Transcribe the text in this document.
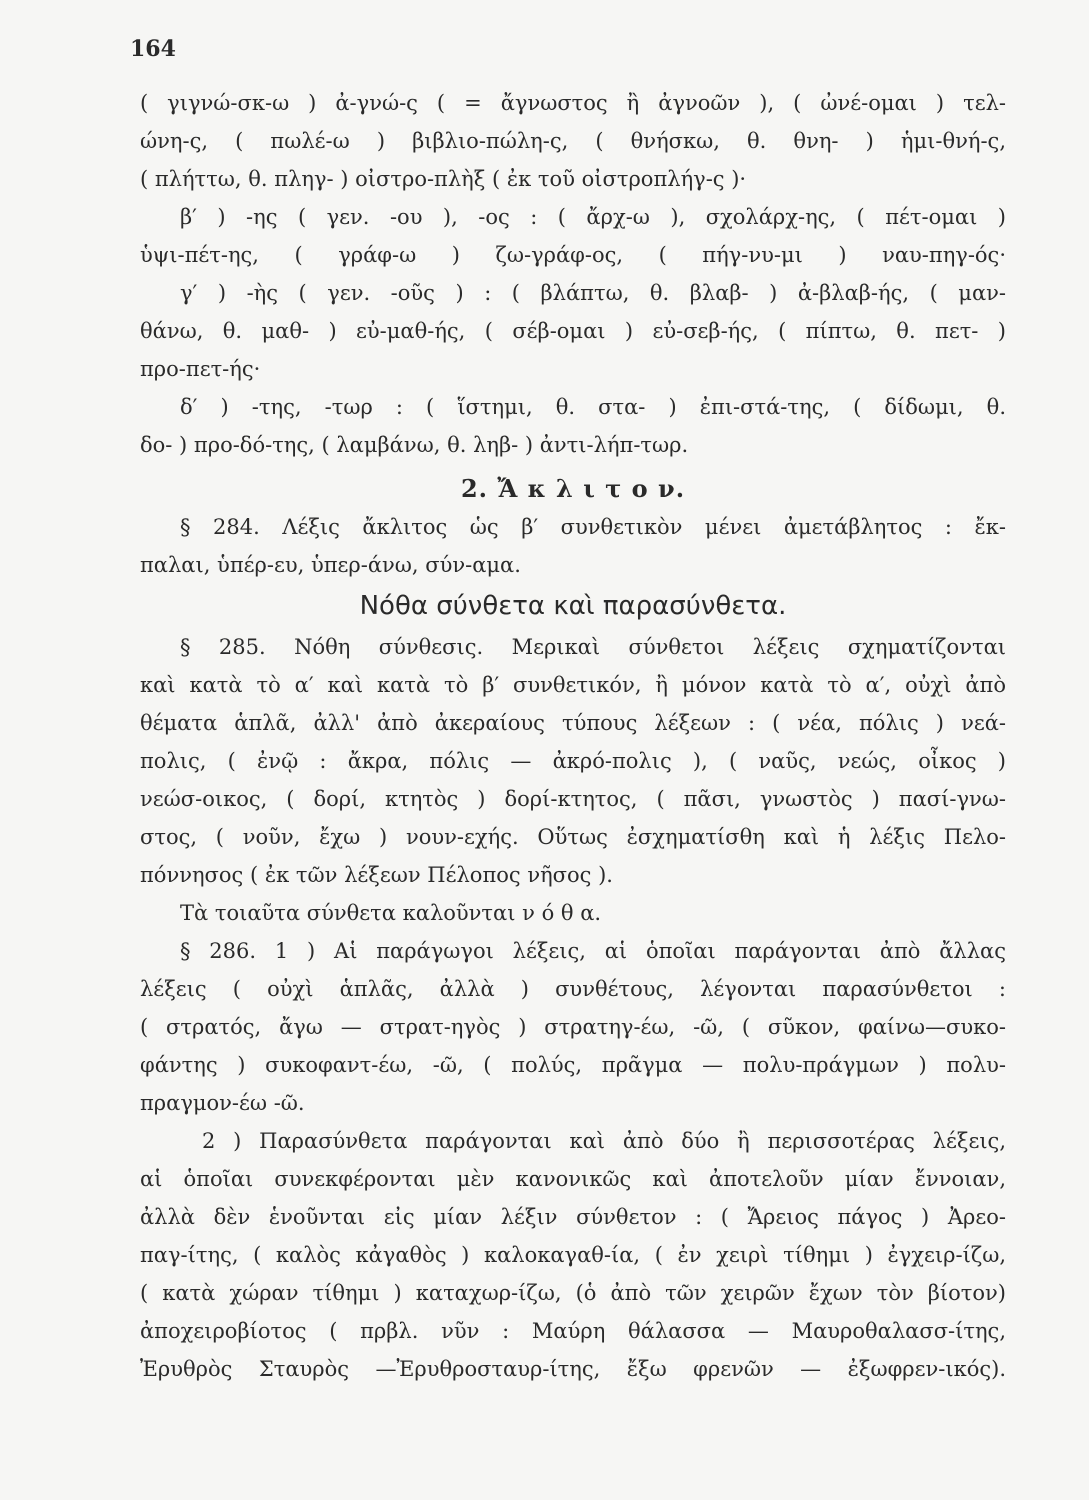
164
( γιγνώ-σκ-ω ) ἀ-γνώ-ς ( = ἄγνωστος ἢ ἀγνοῶν ), ( ὠνέ-ομαι ) τελ-
ώνη-ς, ( πωλέ-ω ) βιβλιο-πώλη-ς, ( θνήσκω, θ. θνη- ) ἡμι-θνή-ς,
( πλήττω, θ. πληγ- ) οἰστρο-πλὴξ ( ἐκ τοῦ οἰστροπλήγ-ς )·
β′ ) -ης ( γεν. -ου ), -ος : ( ἄρχ-ω ), σχολάρχ-ης, ( πέτ-ομαι )
ὑψι-πέτ-ης, ( γράφ-ω ) ζω-γράφ-ος, ( πήγ-νυ-μι ) ναυ-πηγ-ός·
γ′ ) -ὴς ( γεν. -οῦς ) : ( βλάπτω, θ. βλαβ- ) ἀ-βλαβ-ής, ( μαν-
θάνω, θ. μαθ- ) εὐ-μαθ-ής, ( σέβ-ομαι ) εὐ-σεβ-ής, ( πίπτω, θ. πετ- )
προ-πετ-ής·
δ′ ) -της, -τωρ : ( ἵστημι, θ. στα- ) ἐπι-στά-της, ( δίδωμι, θ.
δο- ) προ-δό-της, ( λαμβάνω, θ. ληβ- ) ἀντι-λήπ-τωρ.
2. Ἄ κ λ ι τ ο ν.
§ 284. Λέξις ἄκλιτος ὡς β′ συνθετικὸν μένει ἀμετάβλητος : ἔκ-
παλαι, ὑπέρ-ευ, ὑπερ-άνω, σύν-αμα.
Νόθα σύνθετα καὶ παρασύνθετα.
§ 285. Νόθη σύνθεσις. Μερικαὶ σύνθετοι λέξεις σχηματίζονται
καὶ κατὰ τὸ α′ καὶ κατὰ τὸ β′ συνθετικόν, ἢ μόνον κατὰ τὸ α′, οὐχὶ ἀπὸ
θέματα ἁπλᾶ, ἀλλ' ἀπὸ ἀκεραίους τύπους λέξεων : ( νέα, πόλις ) νεά-
πολις, ( ἐνῷ : ἄκρα, πόλις — ἀκρό-πολις ), ( ναῦς, νεώς, οἶκος )
νεώσ-οικος, ( δορί, κτητὸς ) δορί-κτητος, ( πᾶσι, γνωστὸς ) πασί-γνω-
στος, ( νοῦν, ἔχω ) νουν-εχής. Οὕτως ἐσχηματίσθη καὶ ἡ λέξις Πελο-
πόννησος ( ἐκ τῶν λέξεων Πέλοπος νῆσος ).
Τὰ τοιαῦτα σύνθετα καλοῦνται ν ό θ α.
§ 286. 1 ) Αἱ παράγωγοι λέξεις, αἱ ὁποῖαι παράγονται ἀπὸ ἄλλας
λέξεις ( οὐχὶ ἁπλᾶς, ἀλλὰ ) συνθέτους, λέγονται παρασύνθετοι :
( στρατός, ἄγω — στρατ-ηγὸς ) στρατηγ-έω, -ῶ, ( σῦκον, φαίνω—συκο-
φάντης ) συκοφαντ-έω, -ῶ, ( πολύς, πρᾶγμα — πολυ-πράγμων ) πολυ-
πραγμον-έω -ῶ.
2 ) Παρασύνθετα παράγονται καὶ ἀπὸ δύο ἢ περισσοτέρας λέξεις,
αἱ ὁποῖαι συνεκφέρονται μὲν κανονικῶς καὶ ἀποτελοῦν μίαν ἔννοιαν,
ἀλλὰ δὲν ἑνοῦνται εἰς μίαν λέξιν σύνθετον : ( Ἄρειος πάγος ) Ἀρεο-
παγ-ίτης, ( καλὸς κἀγαθὸς ) καλοκαγαθ-ία, ( ἐν χειρὶ τίθημι ) ἐγχειρ-ίζω,
( κατὰ χώραν τίθημι ) καταχωρ-ίζω, (ὁ ἀπὸ τῶν χειρῶν ἔχων τὸν βίοτον)
ἀποχειροβίοτος ( πρβλ. νῦν : Μαύρη θάλασσα — Μαυροθαλασσ-ίτης,
Ἐρυθρὸς Σταυρὸς —Ἐρυθροσταυρ-ίτης, ἔξω φρενῶν — ἐξωφρεν-ικός).
